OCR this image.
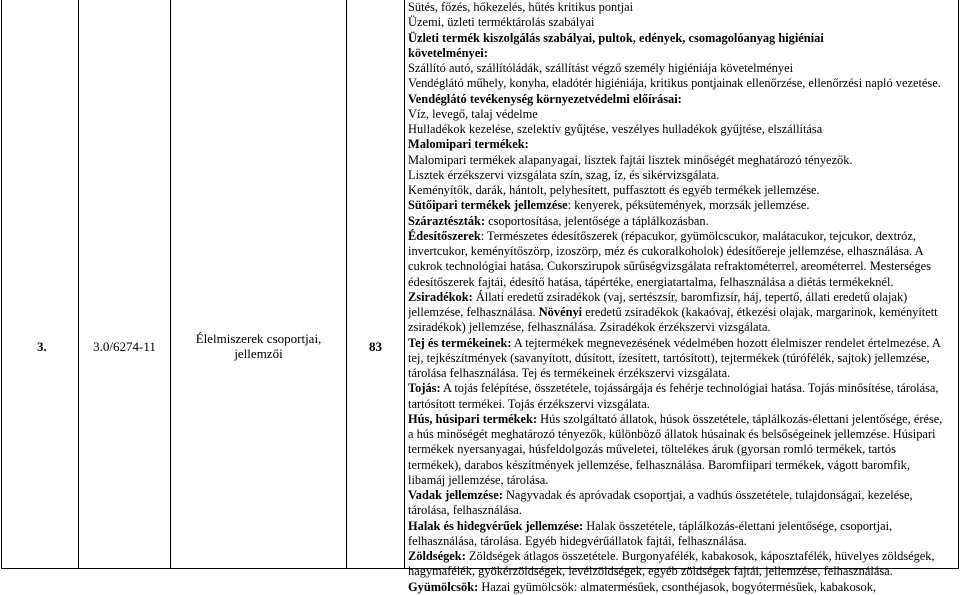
3.	3.0/6274-11
Élelmiszerek csoportjai,
jellemzői	83
Sütés, főzés, hőkezelés, hűtés kritikus pontjai
Üzemi, üzleti terméktárolás szabályai
Üzleti termék kiszolgálás szabályai, pultok, edények, csomagolóanyag higiéniai
követelményei:
Szállító autó, szállítóládák, szállítást végző személy higiéniája követelményei
Vendéglátó műhely, konyha, eladótér higiéniája, kritikus pontjainak ellenőrzése, ellenőrzési napló vezetése.
Vendéglátó tevékenység környezetvédelmi előírásai:
Víz, levegő, talaj védelme
Hulladékok kezelése, szelektív gyűjtése, veszélyes hulladékok gyűjtése, elszállítása
Malomipari termékek:
Malomipari termékek alapanyagai, lisztek fajtái lisztek minőségét meghatározó tényezők.
Lisztek érzékszervi vizsgálata szín, szag, íz, és sikérvizsgálata.
Keményítők, darák, hántolt, pelyhesített, puffasztott és egyéb termékek jellemzése.
Sütőipari termékek jellemzése: kenyerek, péksütemények, morzsák jellemzése.
Száraztészták: csoportosítása, jelentősége a táplálkozásban.
Édesítőszerek: Természetes édesítőszerek (répacukor, gyümölcscukor, malátacukor, tejcukor, dextróz,
invertcukor, keményítőszörp, izoszörp, méz és cukoralkoholok) édesítőereje jellemzése, elhasználása. A
cukrok technológiai hatása. Cukorszirupok sűrűségvizsgálata refraktométerrel, areométerrel. Mesterséges
édesítőszerek fajtái, édesítő hatása, tápértéke, energiatartalma, felhasználása a diétás termékeknél.
Zsiradékok: Állati eredetű zsiradékok (vaj, sertészsír, baromfizsír, háj, tepertő, állati eredetű olajak)
jellemzése, felhasználása. Növényi eredetű zsiradékok (kakaóvaj, étkezési olajak, margarinok, keményített
zsiradékok) jellemzése, felhasználása. Zsiradékok érzékszervi vizsgálata.
Tej és termékeinek: A tejtermékek megnevezésének védelmében hozott élelmiszer rendelet értelmezése. A
tej, tejkészítmények (savanyított, dúsított, ízesített, tartósított), tejtermékek (túrófélék, sajtok) jellemzése,
tárolása felhasználása. Tej és termékeinek érzékszervi vizsgálata.
Tojás: A tojás felépítése, összetétele, tojássárgája és fehérje technológiai hatása. Tojás minősítése, tárolása,
tartósított termékei. Tojás érzékszervi vizsgálata.
Hús, húsipari termékek: Hús szolgáltató állatok, húsok összetétele, táplálkozás-élettani jelentősége, érése,
a hús minőségét meghatározó tényezők, különböző állatok húsainak és belsőségeinek jellemzése. Húsipari
termékek nyersanyagai, húsfeldolgozás műveletei, töltelékes áruk (gyorsan romló termékek, tartós
termékek), darabos készítmények jellemzése, felhasználása. Baromfiipari termékek, vágott baromfik,
libamáj jellemzése, tárolása.
Vadak jellemzése: Nagyvadak és apróvadak csoportjai, a vadhús összetétele, tulajdonságai, kezelése,
tárolása, felhasználása.
Halak és hidegvérűek jellemzése: Halak összetétele, táplálkozás-élettani jelentősége, csoportjai,
felhasználása, tárolása. Egyéb hidegvérűállatok fajtái, felhasználása.
Zöldségek: Zöldségek átlagos összetétele. Burgonyafélék, kabakosok, káposztafélék, hüvelyes zöldségek,
hagymafélék, gyökérzöldségek, levélzöldségek, egyéb zöldségek fajtái, jellemzése, felhasználása.
Gyümölcsök: Hazai gyümölcsök: almatermésűek, csonthéjasok, bogyótermésűek, kabakosok,
